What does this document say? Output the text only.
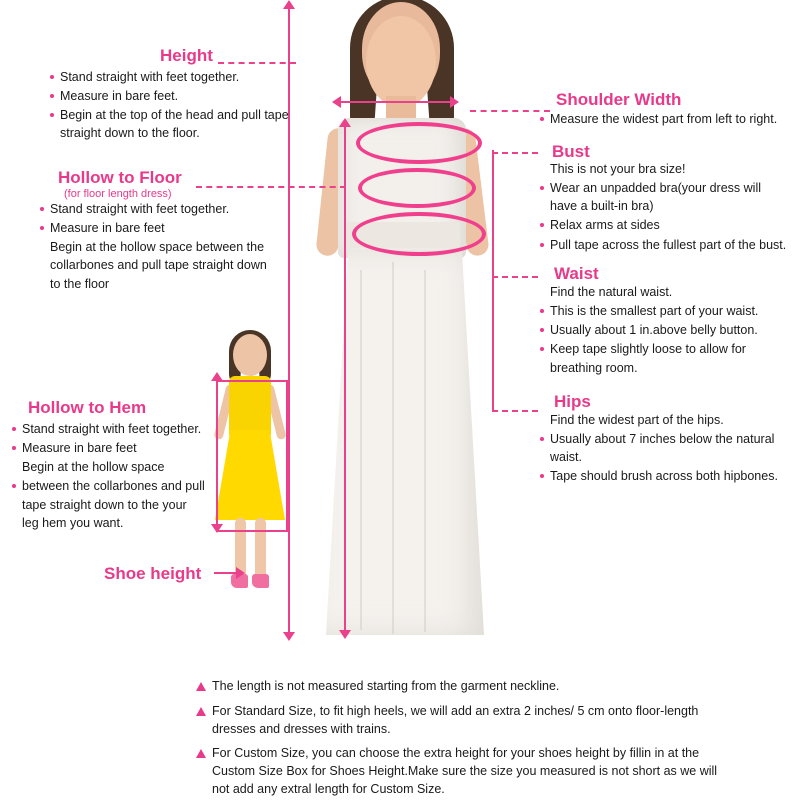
Height
Stand straight with feet together.
Measure in bare feet.
Begin at the top of the head and pull tape straight down to the floor.
Hollow to Floor
(for floor length dress)
Stand straight with feet together.
Measure in bare feet
Begin at the hollow space between the collarbones and pull tape straight down to the floor
Hollow to Hem
Stand straight with feet together.
Measure in bare feet
Begin at the hollow space
between the collarbones and pull tape straight down to the your leg hem you want.
Shoe height
Shoulder Width
Measure the widest part from left to right.
Bust
This is not your bra size!
Wear an unpadded bra(your dress will have a built-in bra)
Relax arms at sides
Pull tape across the fullest part of the bust.
Waist
Find the natural waist.
This is the smallest part of your waist.
Usually about 1 in.above belly button.
Keep tape slightly loose to allow for breathing room.
Hips
Find the widest part of the hips.
Usually about 7 inches below the natural waist.
Tape should brush across both hipbones.
The length is not measured starting from the garment neckline.
For Standard Size, to fit high heels, we will add an extra 2 inches/ 5 cm onto floor-length dresses and dresses with trains.
For Custom Size, you can choose the extra height for your shoes height by fillin in at the Custom Size Box for Shoes Height.Make sure the size you measured is not short as we will not add any extral length for Custom Size.
